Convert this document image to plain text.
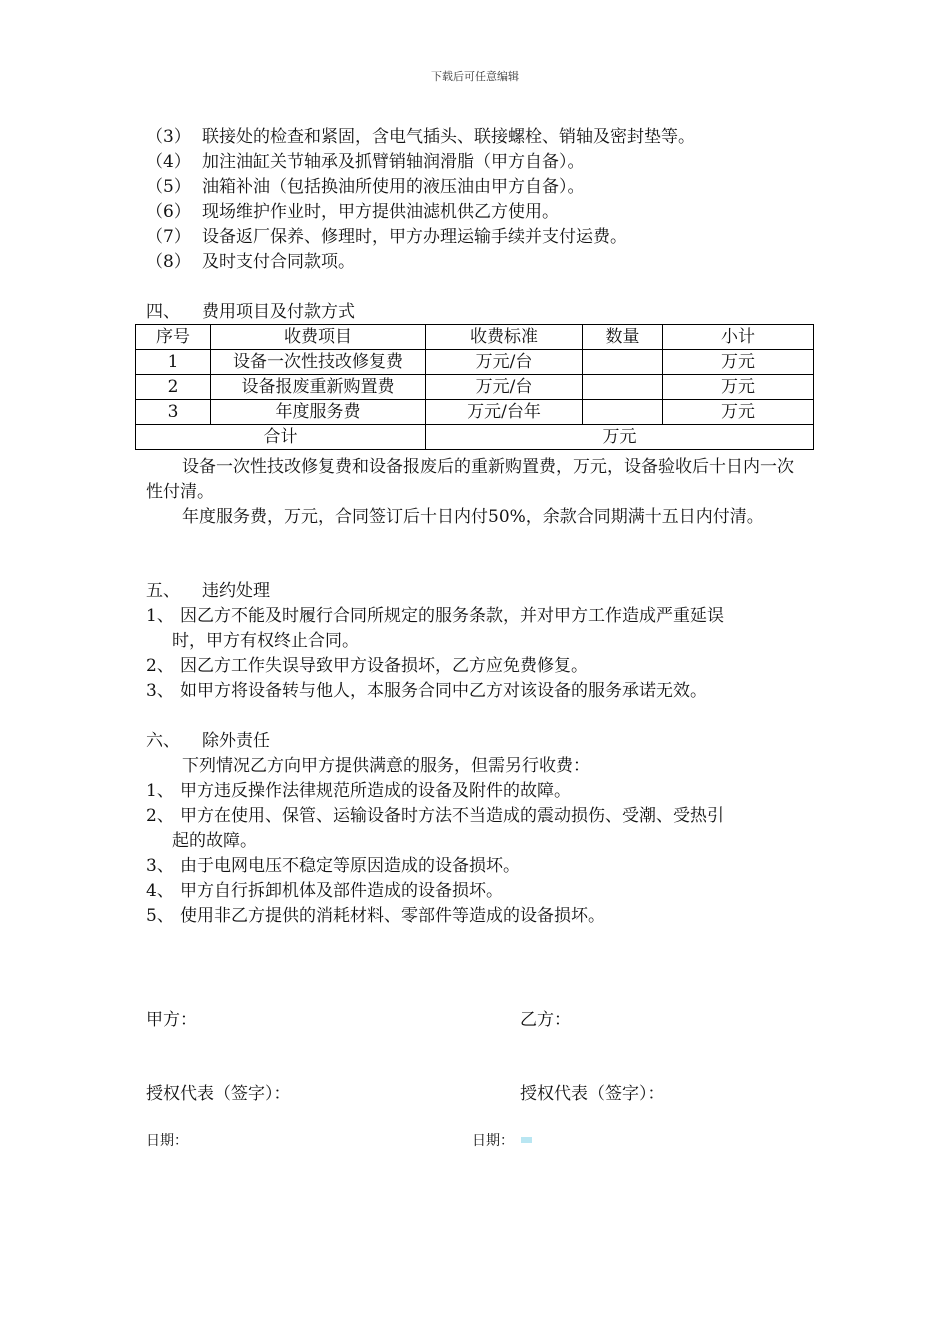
下载后可任意编辑
（3） 联接处的检查和紧固，含电气插头、联接螺栓、销轴及密封垫等。
（4） 加注油缸关节轴承及抓臂销轴润滑脂（甲方自备）。
（5） 油箱补油（包括换油所使用的液压油由甲方自备）。
（6） 现场维护作业时，甲方提供油滤机供乙方使用。
（7） 设备返厂保养、修理时，甲方办理运输手续并支付运费。
（8） 及时支付合同款项。
四、 费用项目及付款方式
序号	收费项目	收费标准	数量	小计
1	设备一次性技改修复费	万元/台		万元
2	设备报废重新购置费	万元/台		万元
3	年度服务费	万元/台年		万元
合计		万元		
设备一次性技改修复费和设备报废后的重新购置费，万元，设备验收后十日内一次性付清。
年度服务费，万元，合同签订后十日内付50%，余款合同期满十五日内付清。
五、 违约处理
1、 因乙方不能及时履行合同所规定的服务条款，并对甲方工作造成严重延误
时，甲方有权终止合同。
2、 因乙方工作失误导致甲方设备损坏，乙方应免费修复。
3、 如甲方将设备转与他人，本服务合同中乙方对该设备的服务承诺无效。
六、 除外责任
下列情况乙方向甲方提供满意的服务，但需另行收费：
1、 甲方违反操作法律规范所造成的设备及附件的故障。
2、 甲方在使用、保管、运输设备时方法不当造成的震动损伤、受潮、受热引
起的故障。
3、 由于电网电压不稳定等原因造成的设备损坏。
4、 甲方自行拆卸机体及部件造成的设备损坏。
5、 使用非乙方提供的消耗材料、零部件等造成的设备损坏。
甲方：	乙方：
授权代表（签字）：	授权代表（签字）：
日期：	日期：
